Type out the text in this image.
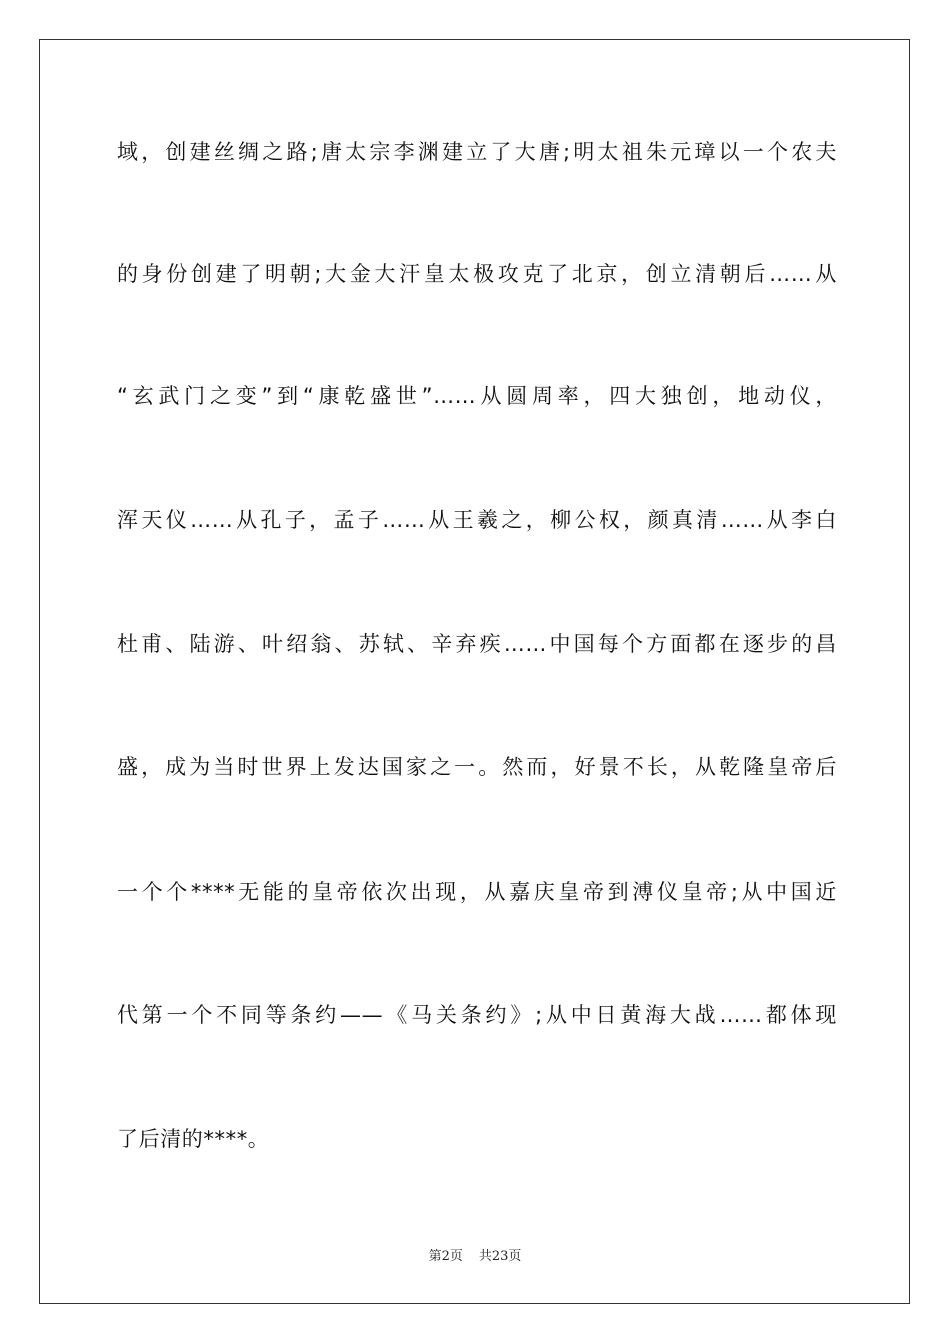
域，创建丝绸之路;唐太宗李渊建立了大唐;明太祖朱元璋以一个农夫
的身份创建了明朝;大金大汗皇太极攻克了北京，创立清朝后……从
“玄武门之变”到“康乾盛世”……从圆周率，四大独创，地动仪，
浑天仪……从孔子，孟子……从王羲之，柳公权，颜真清……从李白
杜甫、陆游、叶绍翁、苏轼、辛弃疾……中国每个方面都在逐步的昌
盛，成为当时世界上发达国家之一。然而，好景不长，从乾隆皇帝后
一个个****无能的皇帝依次出现，从嘉庆皇帝到溥仪皇帝;从中国近
代第一个不同等条约——《马关条约》;从中日黄海大战……都体现
了后清的****。
第2页 共23页
